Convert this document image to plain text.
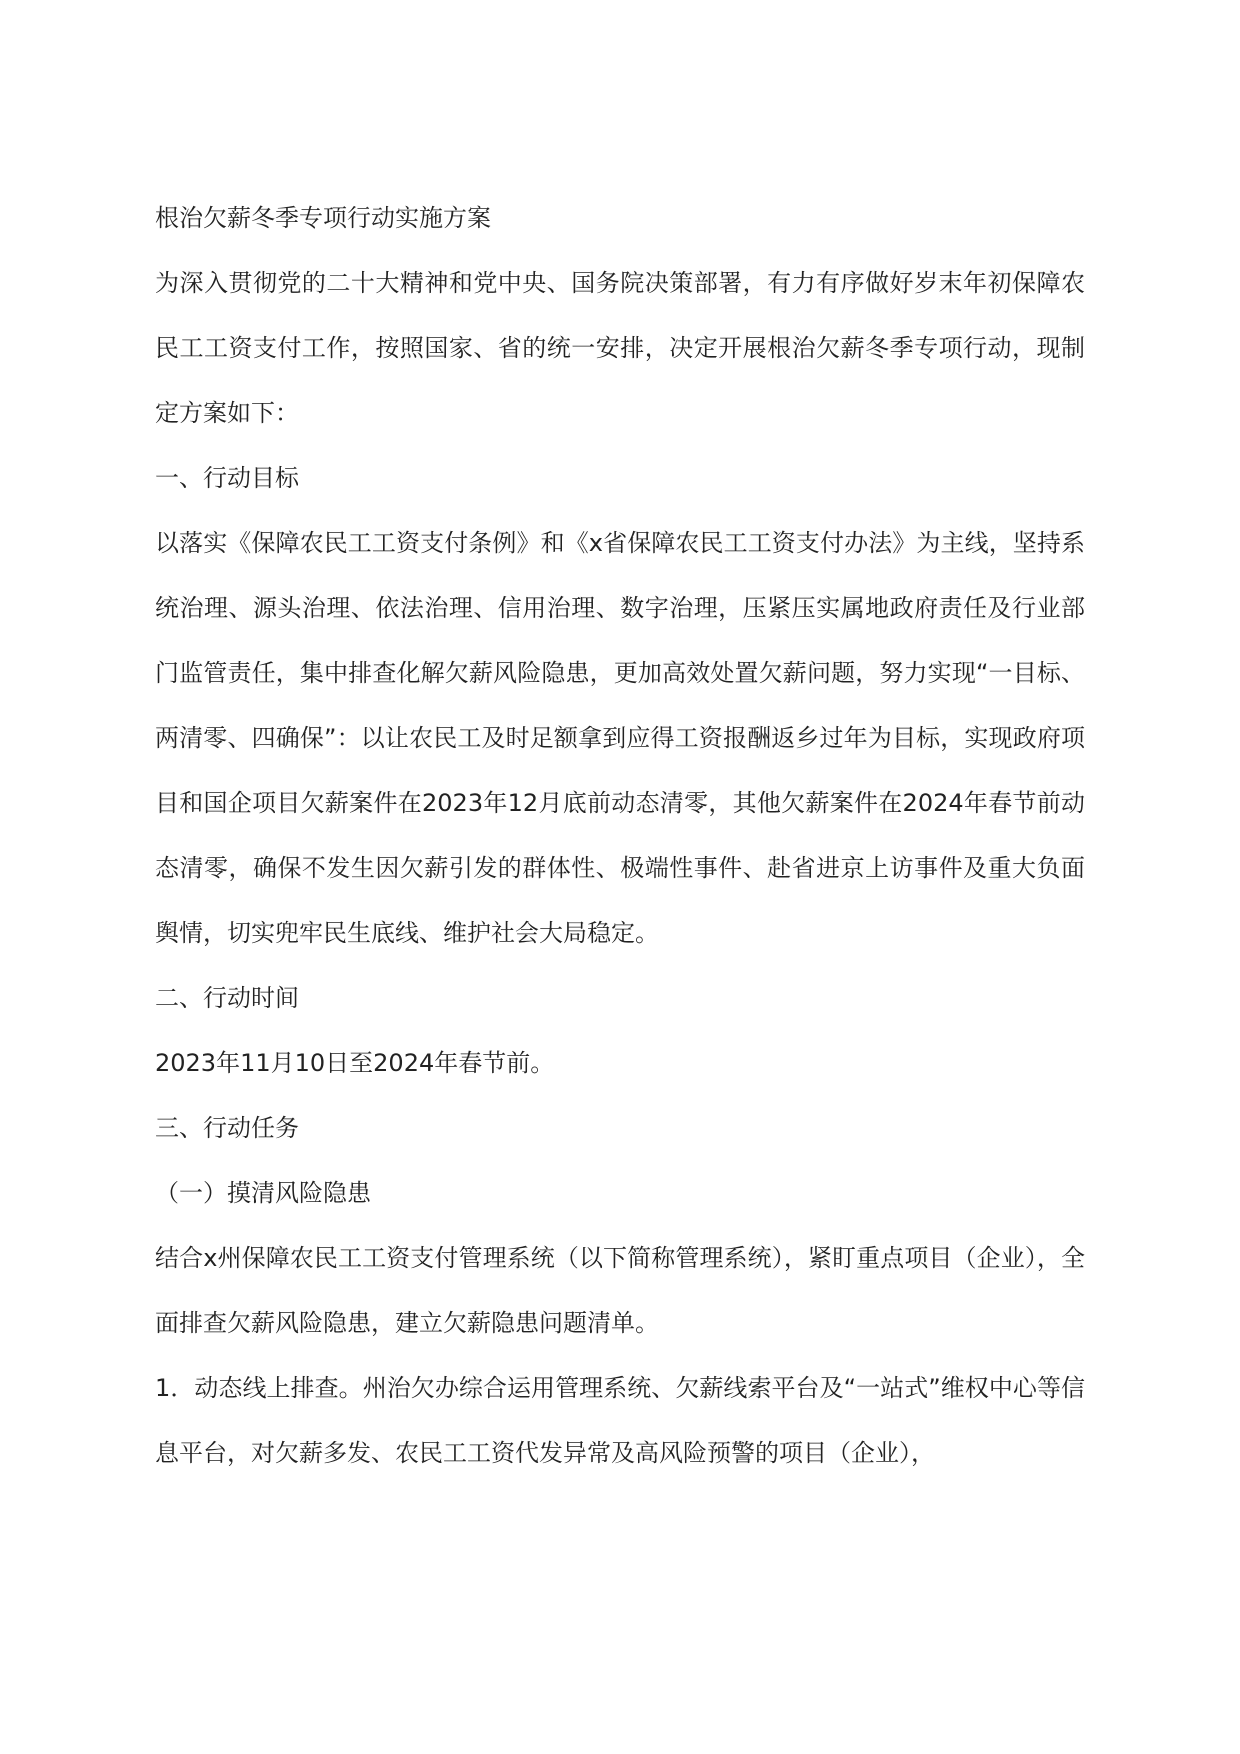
根治欠薪冬季专项行动实施方案

为深入贯彻党的二十大精神和党中央、国务院决策部署，有力有序做好岁末年初保障农民工工资支付工作，按照国家、省的统一安排，决定开展根治欠薪冬季专项行动，现制定方案如下：

一、行动目标

以落实《保障农民工工资支付条例》和《x省保障农民工工资支付办法》为主线，坚持系统治理、源头治理、依法治理、信用治理、数字治理，压紧压实属地政府责任及行业部门监管责任，集中排查化解欠薪风险隐患，更加高效处置欠薪问题，努力实现“一目标、两清零、四确保”：以让农民工及时足额拿到应得工资报酬返乡过年为目标，实现政府项目和国企项目欠薪案件在2023年12月底前动态清零，其他欠薪案件在2024年春节前动态清零，确保不发生因欠薪引发的群体性、极端性事件、赴省进京上访事件及重大负面舆情，切实兜牢民生底线、维护社会大局稳定。

二、行动时间

2023年11月10日至2024年春节前。

三、行动任务

（一）摸清风险隐患

结合x州保障农民工工资支付管理系统（以下简称管理系统），紧盯重点项目（企业），全面排查欠薪风险隐患，建立欠薪隐患问题清单。

1．动态线上排查。州治欠办综合运用管理系统、欠薪线索平台及“一站式”维权中心等信息平台，对欠薪多发、农民工工资代发异常及高风险预警的项目（企业），
